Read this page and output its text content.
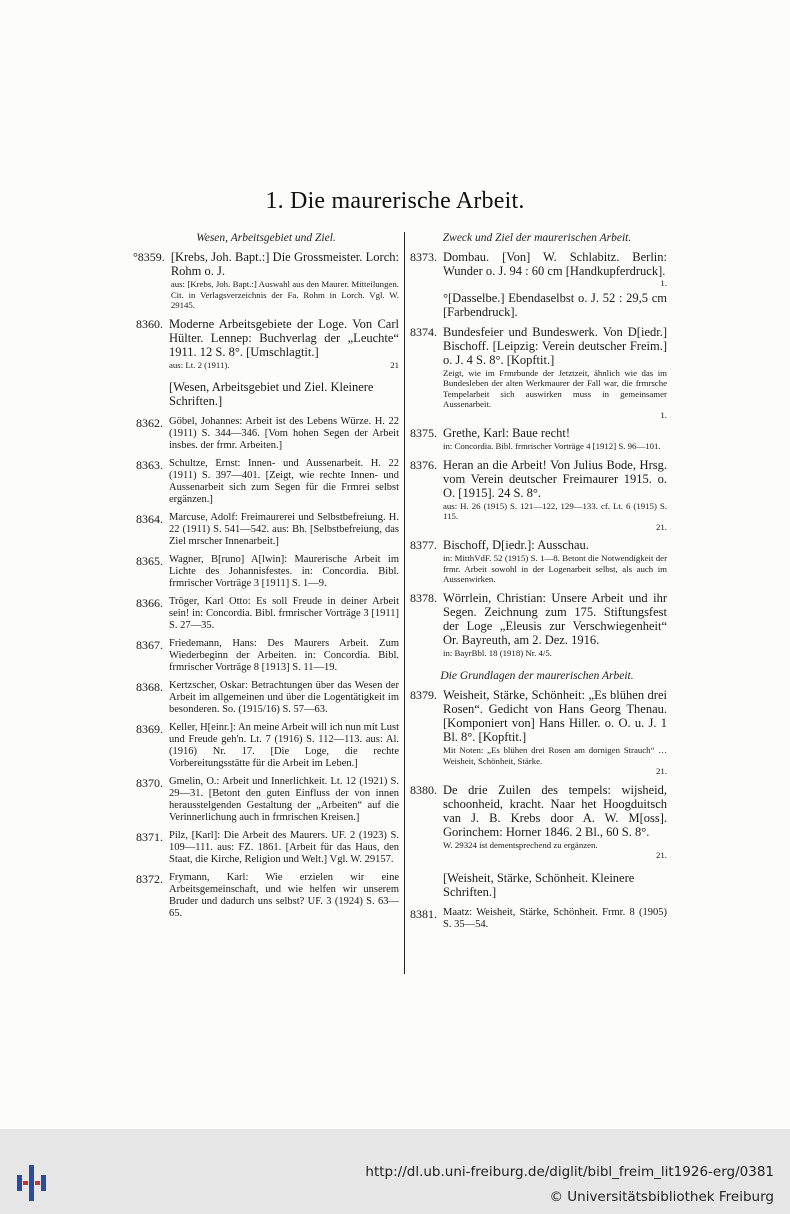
1. Die maurerische Arbeit.
Wesen, Arbeitsgebiet und Ziel.
°8359. [Krebs, Joh. Bapt.:] Die Grossmeister. Lorch: Rohm o. J.
aus: [Krebs, Joh. Bapt.:] Auswahl aus den Maurer. Mitteilungen. Cit. in Verlagsverzeichnis der Fa. Rohm in Lorch. Vgl. W. 29145.
8360. Moderne Arbeitsgebiete der Loge. Von Carl Hülter. Lennep: Buchverlag der „Leuchte“ 1911. 12 S. 8°. [Umschlagtit.]
aus: Lt. 2 (1911).	21
[Wesen, Arbeitsgebiet und Ziel. Kleinere Schriften.]
8362. Göbel, Johannes: Arbeit ist des Lebens Würze. H. 22 (1911) S. 344—346. [Vom hohen Segen der Arbeit insbes. der frmr. Arbeiten.]
8363. Schultze, Ernst: Innen- und Aussenarbeit. H. 22 (1911) S. 397—401. [Zeigt, wie rechte Innen- und Aussenarbeit sich zum Segen für die Frmrei selbst ergänzen.]
8364. Marcuse, Adolf: Freimaurerei und Selbstbefreiung. H. 22 (1911) S. 541—542. aus: Bh. [Selbstbefreiung, das Ziel mrscher Innenarbeit.]
8365. Wagner, B[runo] A[lwin]: Maurerische Arbeit im Lichte des Johannisfestes. in: Concordia. Bibl. frmrischer Vorträge 3 [1911] S. 1—9.
8366. Tröger, Karl Otto: Es soll Freude in deiner Arbeit sein! in: Concordia. Bibl. frmrischer Vorträge 3 [1911] S. 27—35.
8367. Friedemann, Hans: Des Maurers Arbeit. Zum Wiederbeginn der Arbeiten. in: Concordia. Bibl. frmrischer Vorträge 8 [1913] S. 11—19.
8368. Kertzscher, Oskar: Betrachtungen über das Wesen der Arbeit im allgemeinen und über die Logentätigkeit im besonderen. So. (1915/16) S. 57—63.
8369. Keller, H[einr.]: An meine Arbeit will ich nun mit Lust und Freude geh'n. Lt. 7 (1916) S. 112—113. aus: Al. (1916) Nr. 17. [Die Loge, die rechte Vorbereitungsstätte für die Arbeit im Leben.]
8370. Gmelin, O.: Arbeit und Innerlichkeit. Lt. 12 (1921) S. 29—31. [Betont den guten Einfluss der von innen herausstelgenden Gestaltung der „Arbeiten“ auf die Verinnerlichung auch in frmrischen Kreisen.]
8371. Pilz, [Karl]: Die Arbeit des Maurers. UF. 2 (1923) S. 109—111. aus: FZ. 1861. [Arbeit für das Haus, den Staat, die Kirche, Religion und Welt.] Vgl. W. 29157.
8372. Frymann, Karl: Wie erzielen wir eine Arbeitsgemeinschaft, und wie helfen wir unserem Bruder und dadurch uns selbst? UF. 3 (1924) S. 63—65.
Zweck und Ziel der maurerischen Arbeit.
8373. Dombau. [Von] W. Schlabitz. Berlin: Wunder o. J. 94 : 60 cm [Handkupferdruck].
1.
°[Dasselbe.] Ebendaselbst o. J. 52 : 29,5 cm [Farbendruck].
8374. Bundesfeier und Bundeswerk. Von D[iedr.] Bischoff. [Leipzig: Verein deutscher Freim.] o. J. 4 S. 8°. [Kopftit.]
Zeigt, wie im Frmrbunde der Jetztzeit, ähnlich wie das im Bundesleben der alten Werkmaurer der Fall war, die frmrsche Tempelarbeit sich auswirken muss in gemeinsamer Aussenarbeit.
1.
8375. Grethe, Karl: Baue recht!
in: Concordia. Bibl. frmrischer Vorträge 4 [1912] S. 96—101.
8376. Heran an die Arbeit! Von Julius Bode, Hrsg. vom Verein deutscher Freimaurer 1915. o. O. [1915]. 24 S. 8°.
aus: H. 26 (1915) S. 121—122, 129—133. cf. Lt. 6 (1915) S. 115.
21.
8377. Bischoff, D[iedr.]: Ausschau.
in: MitthVdF. 52 (1915) S. 1—8. Betont die Notwendigkeit der frmr. Arbeit sowohl in der Logenarbeit selbst, als auch im Aussenwirken.
8378. Wörrlein, Christian: Unsere Arbeit und ihr Segen. Zeichnung zum 175. Stiftungsfest der Loge „Eleusis zur Verschwiegenheit“ Or. Bayreuth, am 2. Dez. 1916.
in: BayrBbl. 18 (1918) Nr. 4/5.
Die Grundlagen der maurerischen Arbeit.
8379. Weisheit, Stärke, Schönheit: „Es blühen drei Rosen“. Gedicht von Hans Georg Thenau. [Komponiert von] Hans Hiller. o. O. u. J. 1 Bl. 8°. [Kopftit.]
Mit Noten: „Es blühen drei Rosen am dornigen Strauch“ … Weisheit, Schönheit, Stärke.
21.
8380. De drie Zuilen des tempels: wijsheid, schoonheid, kracht. Naar het Hoogduitsch van J. B. Krebs door A. W. M[oss]. Gorinchem: Horner 1846. 2 Bl., 60 S. 8°.
W. 29324 ist dementsprechend zu ergänzen.
21.
[Weisheit, Stärke, Schönheit. Kleinere Schriften.]
8381. Maatz: Weisheit, Stärke, Schönheit. Frmr. 8 (1905) S. 35—54.
http://dl.ub.uni-freiburg.de/diglit/bibl_freim_lit1926-erg/0381
© Universitätsbibliothek Freiburg
